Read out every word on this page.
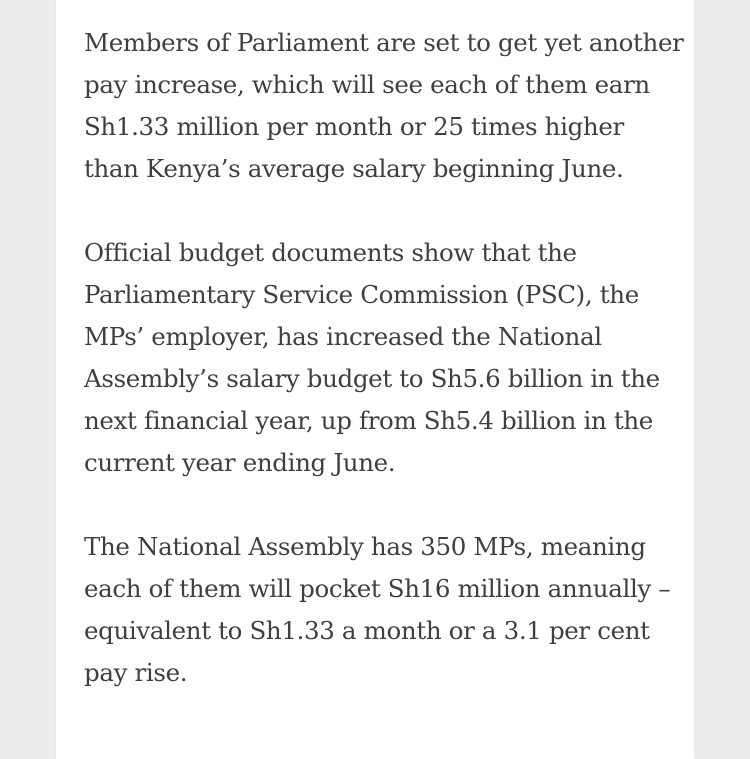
Members of Parliament are set to get yet another pay increase, which will see each of them earn Sh1.33 million per month or 25 times higher than Kenya’s average salary beginning June.

Official budget documents show that the Parliamentary Service Commission (PSC), the MPs’ employer, has increased the National Assembly’s salary budget to Sh5.6 billion in the next financial year, up from Sh5.4 billion in the current year ending June.

The National Assembly has 350 MPs, meaning each of them will pocket Sh16 million annually – equivalent to Sh1.33 a month or a 3.1 per cent pay rise.
